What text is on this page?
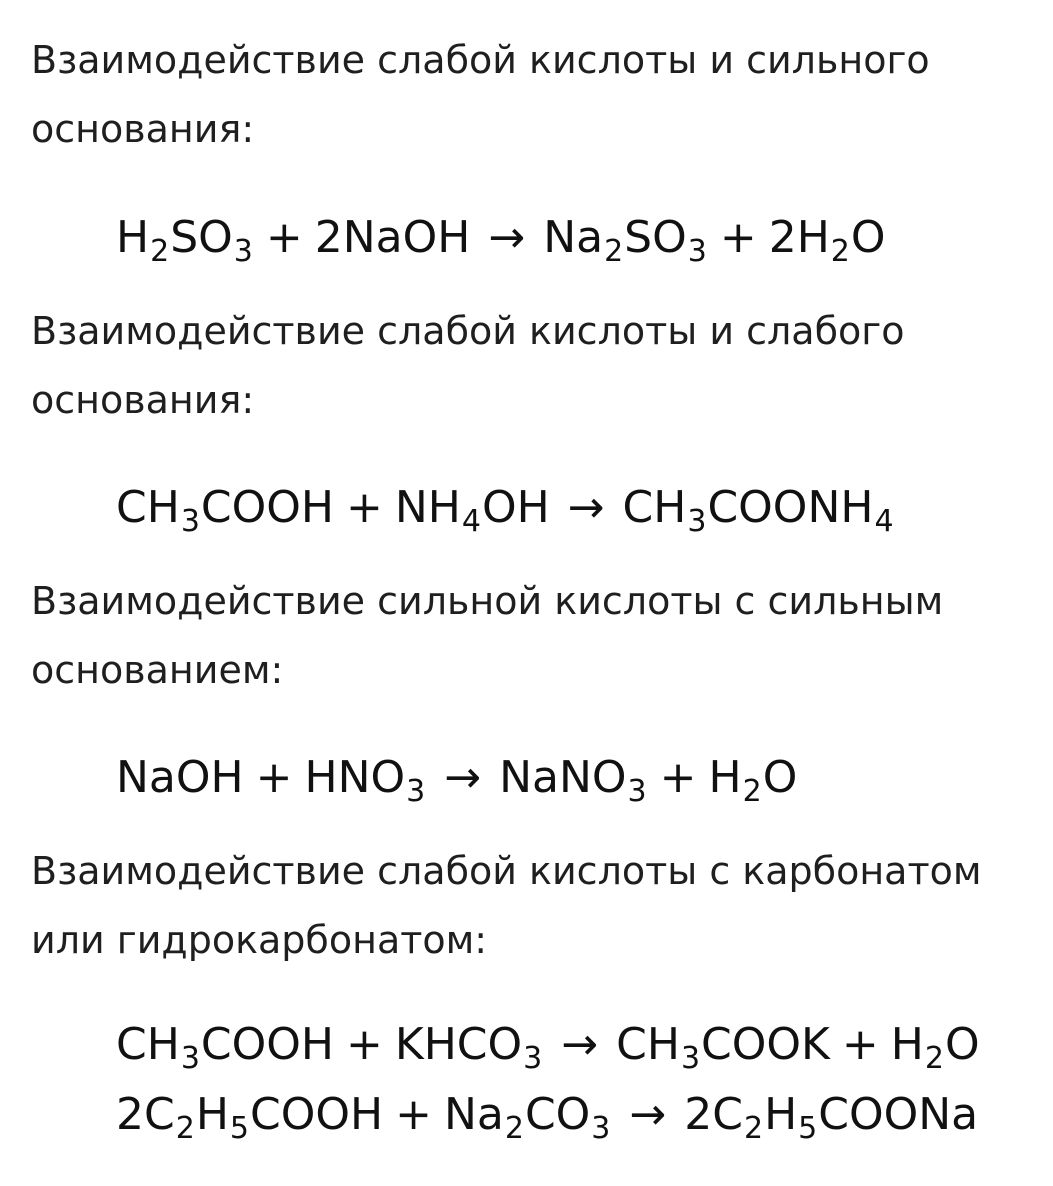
Взаимодействие слабой кислоты и сильного основания:

$H_2SO_3$ + 2NaOH → $Na_2SO_3 + 2H_2O$

Взаимодействие слабой кислоты и слабого основания:

$CH_3COOH + NH_4OH$ → $CH_3COONH_4$

Взаимодействие сильной кислоты с сильным основанием:

NaOH + $HNO_3$ → NaNO$_3$ + $H_2O$

Взаимодействие слабой кислоты с карбонатом или гидрокарбонатом:

$CH_3COOH$ + $KHCO_3$ → $CH_3COOK + H_2O$
$2C_2H_5COOH + Na_2CO_3$ → $2C_2H_5COONa$
